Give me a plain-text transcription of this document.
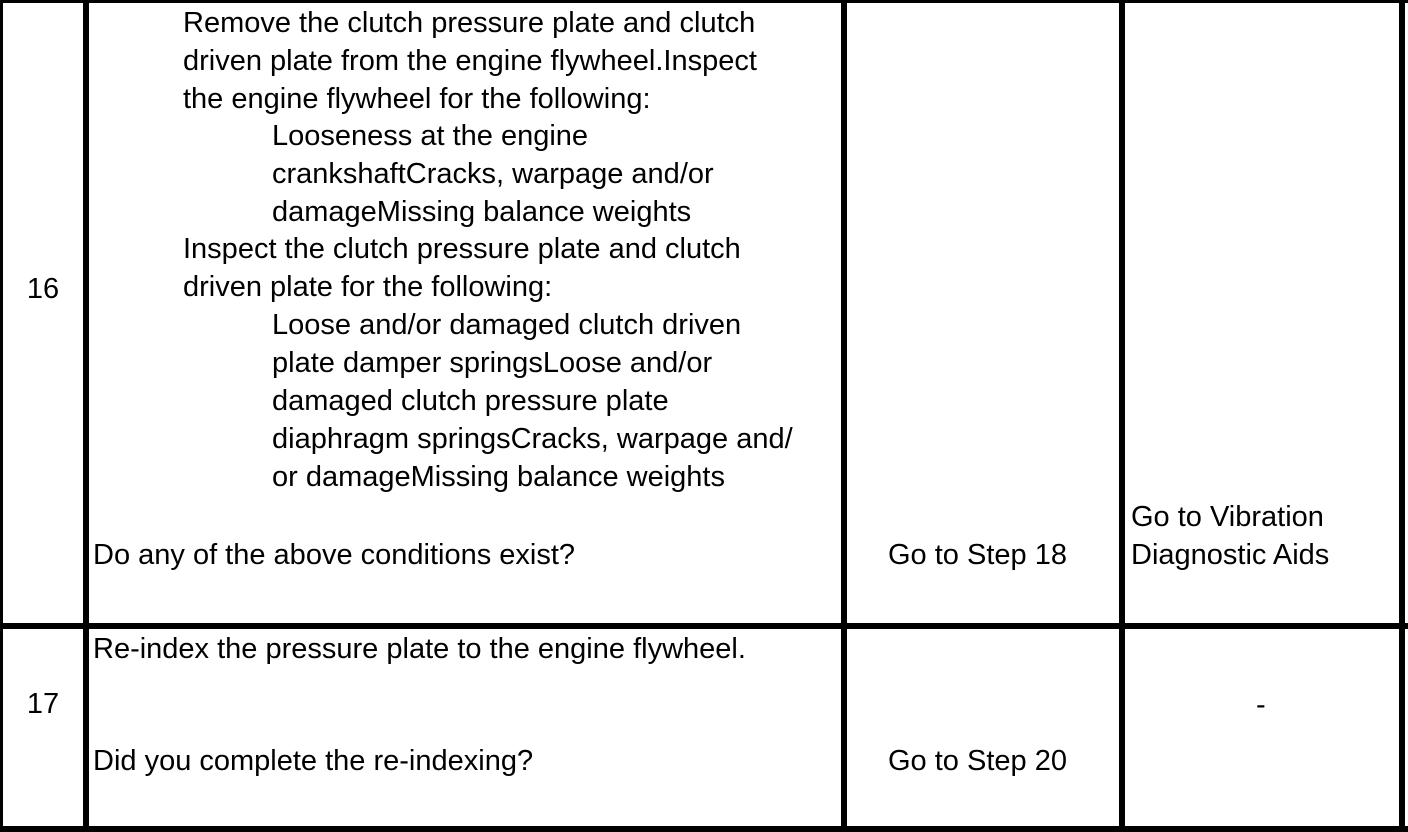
16
Remove the clutch pressure plate and clutch
driven plate from the engine flywheel.Inspect
the engine flywheel for the following:
Looseness at the engine
crankshaftCracks, warpage and/or
damageMissing balance weights
Inspect the clutch pressure plate and clutch
driven plate for the following:
Loose and/or damaged clutch driven
plate damper springsLoose and/or
damaged clutch pressure plate
diaphragm springsCracks, warpage and/
or damageMissing balance weights
Do any of the above conditions exist?	Go to Step 18
Go to Vibration
Diagnostic Aids
17
Re-index the pressure plate to the engine flywheel.
Did you complete the re-indexing?	Go to Step 20
-
